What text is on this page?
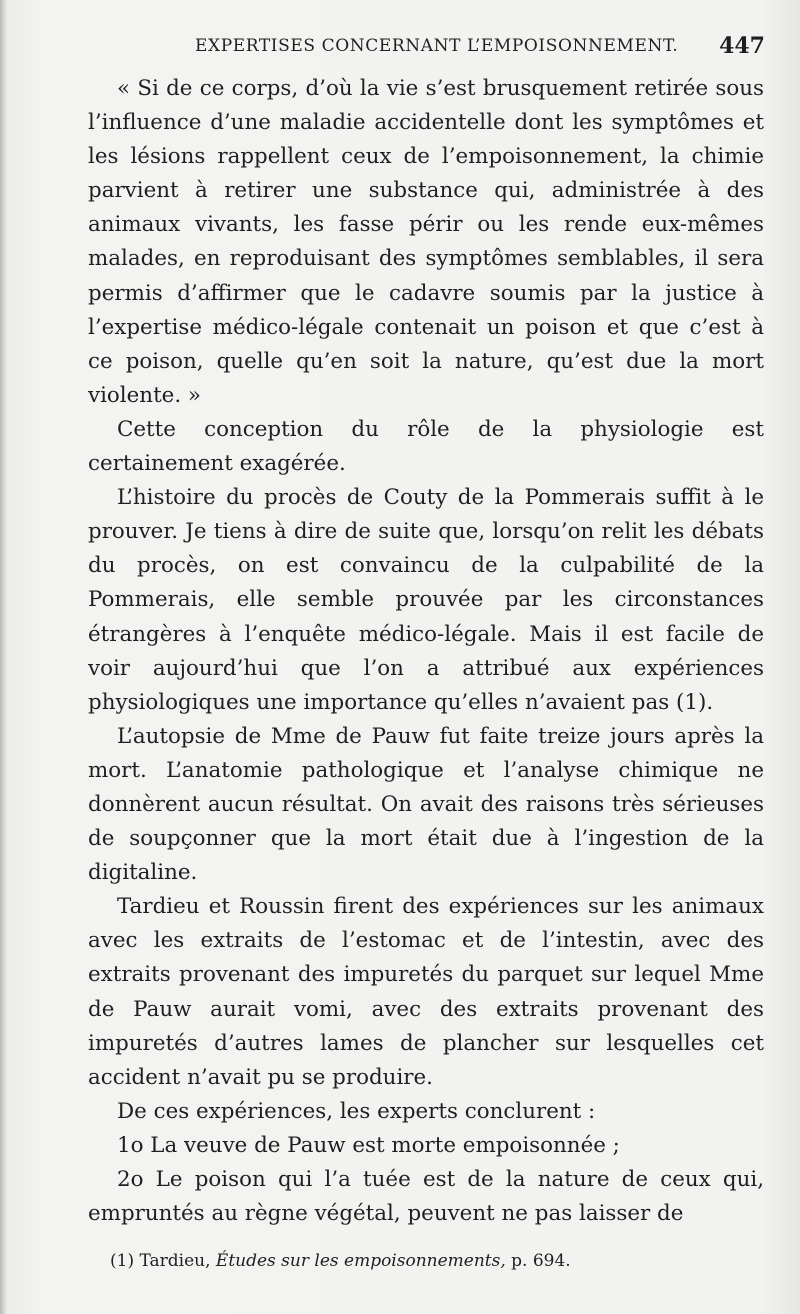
EXPERTISES CONCERNANT L’EMPOISONNEMENT. 447

« Si de ce corps, d’où la vie s’est brusquement retirée sous l’influence d’une maladie accidentelle dont les symptômes et les lésions rappellent ceux de l’empoisonnement, la chimie parvient à retirer une substance qui, administrée à des animaux vivants, les fasse périr ou les rende eux-mêmes malades, en reproduisant des symptômes semblables, il sera permis d’affirmer que le cadavre soumis par la justice à l’expertise médico-légale contenait un poison et que c’est à ce poison, quelle qu’en soit la nature, qu’est due la mort violente. »

Cette conception du rôle de la physiologie est certainement exagérée.

L’histoire du procès de Couty de la Pommerais suffit à le prouver. Je tiens à dire de suite que, lorsqu’on relit les débats du procès, on est convaincu de la culpabilité de la Pommerais, elle semble prouvée par les circonstances étrangères à l’enquête médico-légale. Mais il est facile de voir aujourd’hui que l’on a attribué aux expériences physiologiques une importance qu’elles n’avaient pas (1).

L’autopsie de Mme de Pauw fut faite treize jours après la mort. L’anatomie pathologique et l’analyse chimique ne donnèrent aucun résultat. On avait des raisons très sérieuses de soupçonner que la mort était due à l’ingestion de la digitaline.

Tardieu et Roussin firent des expériences sur les animaux avec les extraits de l’estomac et de l’intestin, avec des extraits provenant des impuretés du parquet sur lequel Mme de Pauw aurait vomi, avec des extraits provenant des impuretés d’autres lames de plancher sur lesquelles cet accident n’avait pu se produire.

De ces expériences, les experts conclurent :

1o La veuve de Pauw est morte empoisonnée ;

2o Le poison qui l’a tuée est de la nature de ceux qui, empruntés au règne végétal, peuvent ne pas laisser de

(1) Tardieu, Études sur les empoisonnements, p. 694.
